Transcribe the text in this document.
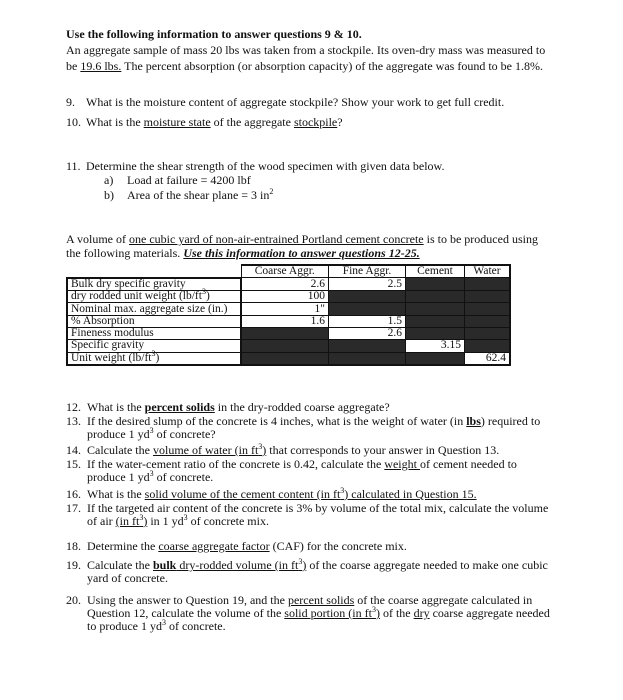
Use the following information to answer questions 9 & 10.
An aggregate sample of mass 20 lbs was taken from a stockpile. Its oven-dry mass was measured to
be 19.6 lbs. The percent absorption (or absorption capacity) of the aggregate was found to be 1.8%.
9. What is the moisture content of aggregate stockpile? Show your work to get full credit.
10. What is the moisture state of the aggregate stockpile?
11. Determine the shear strength of the wood specimen with given data below.
a) Load at failure = 4200 lbf
b) Area of the shear plane = 3 $in^2$
A volume of one cubic yard of non-air-entrained Portland cement concrete is to be produced using
the following materials. Use this information to answer questions 12-25.
	Coarse Aggr.	Fine Aggr.	Cement	Water
Bulk dry specific gravity	2.6	2.5		
dry rodded unit weight $(lb/ft^3)$	100			
Nominal max. aggregate size (in.)	1"			
% Absorption	1.6	1.5		
Fineness modulus		2.6		
Specific gravity			3.15	
Unit weight $(lb/ft^3)$				62.4
12. What is the percent solids in the dry-rodded coarse aggregate?
13. If the desired slump of the concrete is 4 inches, what is the weight of water (in lbs) required to
produce 1 $yd^3$ of concrete?
14. Calculate the volume of water (in $ft^3$) that corresponds to your answer in Question 13.
15. If the water-cement ratio of the concrete is 0.42, calculate the weight of cement needed to
produce 1 $yd^3$ of concrete.
16. What is the solid volume of the cement content (in $ft^3$) calculated in Question 15.
17. If the targeted air content of the concrete is 3% by volume of the total mix, calculate the volume
of air (in $ft^3$) in 1 $yd^3$ of concrete mix.
18. Determine the coarse aggregate factor (CAF) for the concrete mix.
19. Calculate the bulk dry-rodded volume (in $ft^3$) of the coarse aggregate needed to make one cubic
yard of concrete.
20. Using the answer to Question 19, and the percent solids of the coarse aggregate calculated in
Question 12, calculate the volume of the solid portion (in $ft^3$) of the dry coarse aggregate needed
to produce 1 $yd^3$ of concrete.
